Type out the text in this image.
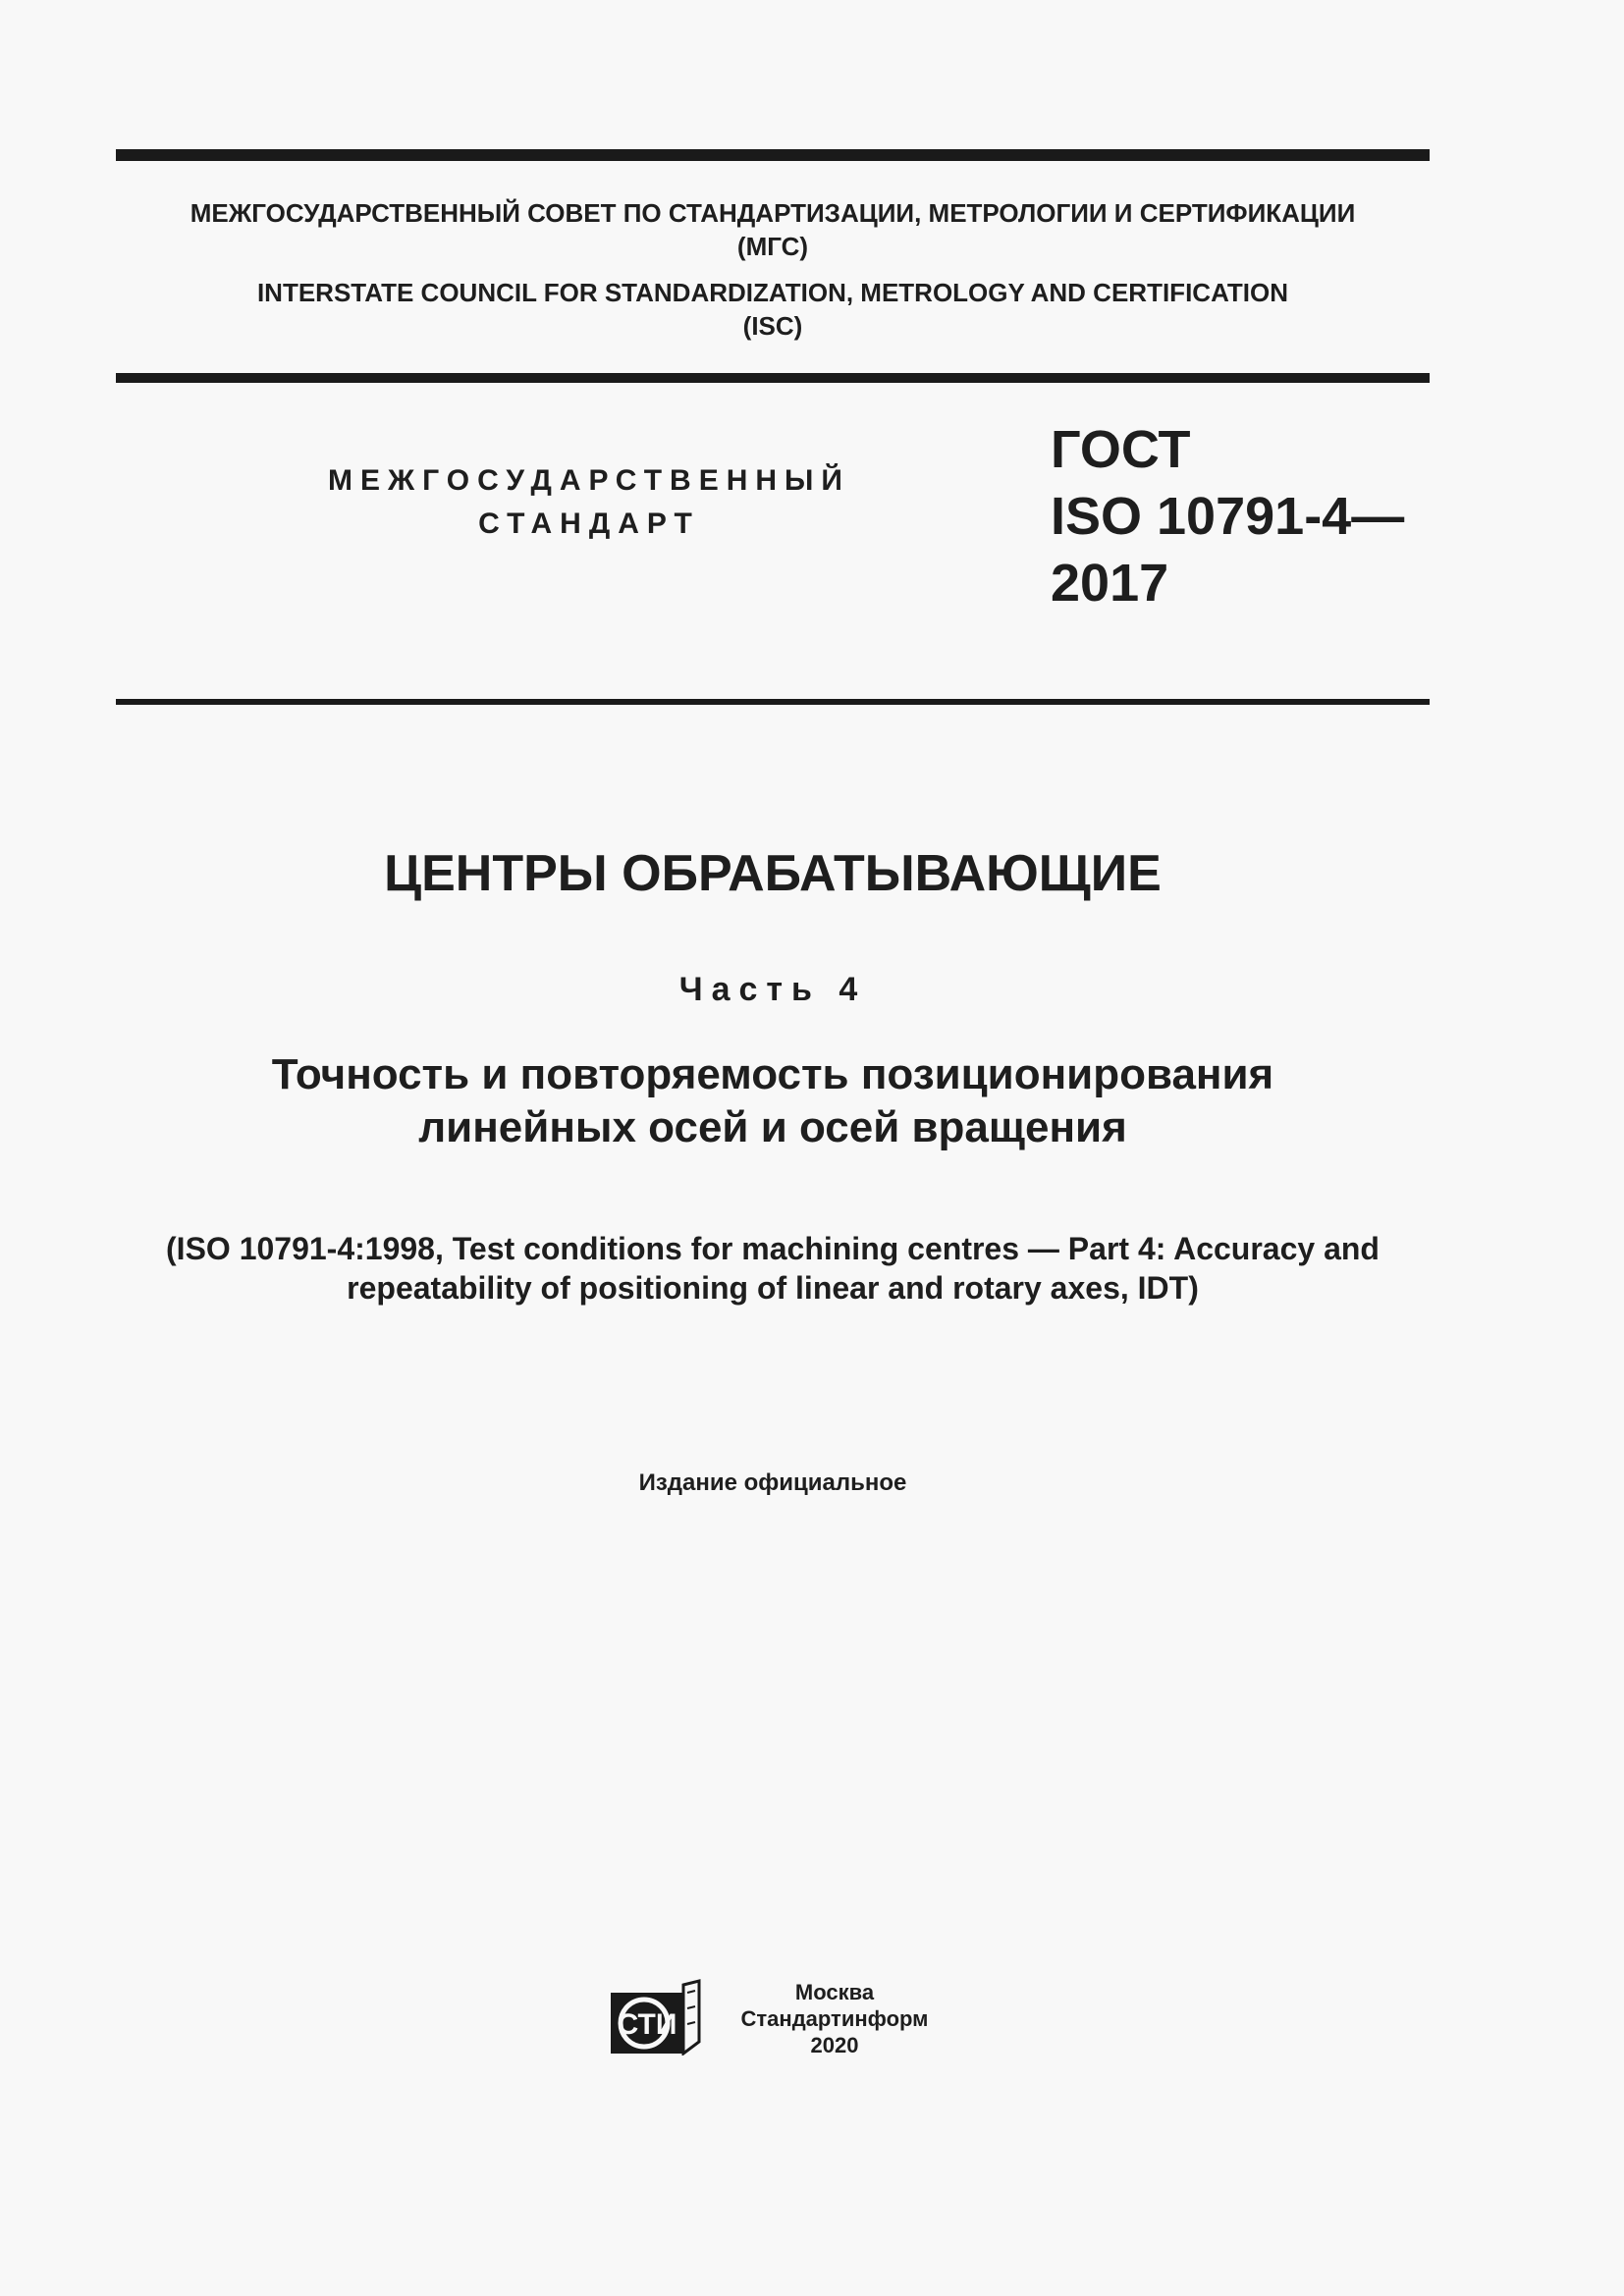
МЕЖГОСУДАРСТВЕННЫЙ СОВЕТ ПО СТАНДАРТИЗАЦИИ, МЕТРОЛОГИИ И СЕРТИФИКАЦИИ
(МГС)
INTERSTATE COUNCIL FOR STANDARDIZATION, METROLOGY AND CERTIFICATION
(ISC)
МЕЖГОСУДАРСТВЕННЫЙ
СТАНДАРТ
ГОСТ
ISO 10791-4—
2017
ЦЕНТРЫ ОБРАБАТЫВАЮЩИЕ
Часть 4
Точность и повторяемость позиционирования
линейных осей и осей вращения
(ISO 10791-4:1998, Test conditions for machining centres — Part 4: Accuracy and
repeatability of positioning of linear and rotary axes, IDT)
Издание официальное
СТИ
Москва
Стандартинформ
2020
